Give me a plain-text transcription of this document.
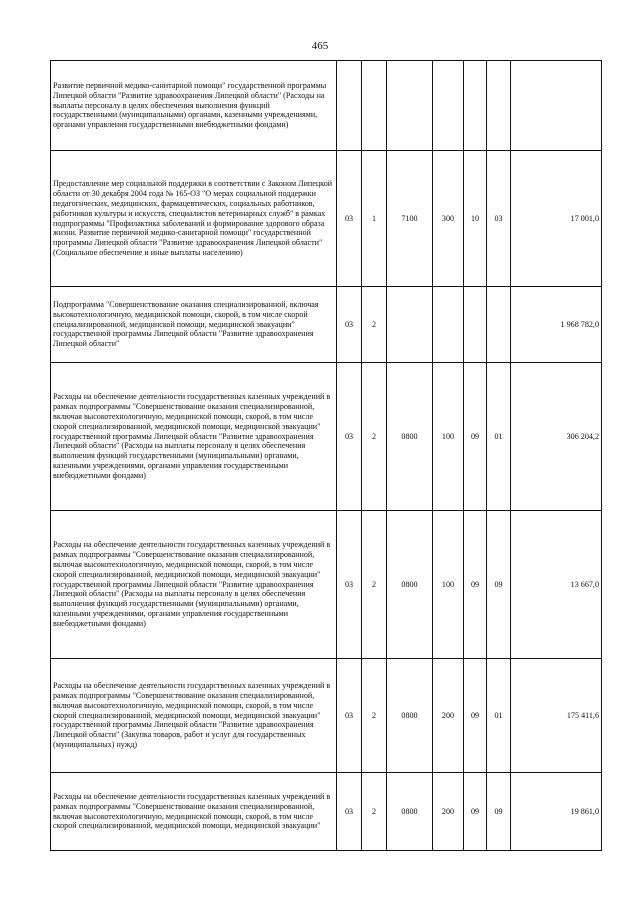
465
Развитие первичной медико-санитарной помощи" государственной программы Липецкой области "Развитие здравоохранения Липецкой области" (Расходы на выплаты персоналу в целях обеспечения выполнения функций государственными (муниципальными) органами, казенными учреждениями, органами управления государственными внебюджетными фондами)							
Предоставление мер социальной поддержки в соответствии с Законом Липецкой области от 30 декабря 2004 года № 165-ОЗ "О мерах социальной поддержки педагогических, медицинских, фармацевтических, социальных работников, работников культуры и искусств, специалистов ветеринарных служб" в рамках подпрограммы "Профилактика заболеваний и формирование здорового образа жизни. Развитие первичной медико-санитарной помощи" государственной программы Липецкой области "Развитие здравоохранения Липецкой области" (Социальное обеспечение и иные выплаты населению)	03	1	7100	300	10	03	17 001,0
Подпрограмма "Совершенствование оказания специализированной, включая высокотехнологичную, медицинской помощи, скорой, в том числе скорой специализированной, медицинской помощи, медицинской эвакуации" государственной программы Липецкой области "Развитие здравоохранения Липецкой области"	03	2					1 968 782,0
Расходы на обеспечение деятельности государственных казенных учреждений в рамках подпрограммы "Совершенствование оказания специализированной, включая высокотехнологичную, медицинской помощи, скорой, в том числе скорой специализированной, медицинской помощи, медицинской эвакуации" государственной программы Липецкой области "Развитие здравоохранения Липецкой области" (Расходы на выплаты персоналу в целях обеспечения выполнения функций государственными (муниципальными) органами, казенными учреждениями, органами управления государственными внебюджетными фондами)	03	2	0800	100	09	01	306 204,2
Расходы на обеспечение деятельности государственных казенных учреждений в рамках подпрограммы "Совершенствование оказания специализированной, включая высокотехнологичную, медицинской помощи, скорой, в том числе скорой специализированной, медицинской помощи, медицинской эвакуации" государственной программы Липецкой области "Развитие здравоохранения Липецкой области" (Расходы на выплаты персоналу в целях обеспечения выполнения функций государственными (муниципальными) органами, казенными учреждениями, органами управления государственными внебюджетными фондами)	03	2	0800	100	09	09	13 667,0
Расходы на обеспечение деятельности государственных казенных учреждений в рамках подпрограммы "Совершенствование оказания специализированной, включая высокотехнологичную, медицинской помощи, скорой, в том числе скорой специализированной, медицинской помощи, медицинской эвакуации" государственной программы Липецкой области "Развитие здравоохранения Липецкой области" (Закупка товаров, работ и услуг для государственных (муниципальных) нужд)	03	2	0800	200	09	01	175 411,6
Расходы на обеспечение деятельности государственных казенных учреждений в рамках подпрограммы "Совершенствование оказания специализированной, включая высокотехнологичную, медицинской помощи, скорой, в том числе скорой специализированной, медицинской помощи, медицинской эвакуации"	03	2	0800	200	09	09	19 861,0
